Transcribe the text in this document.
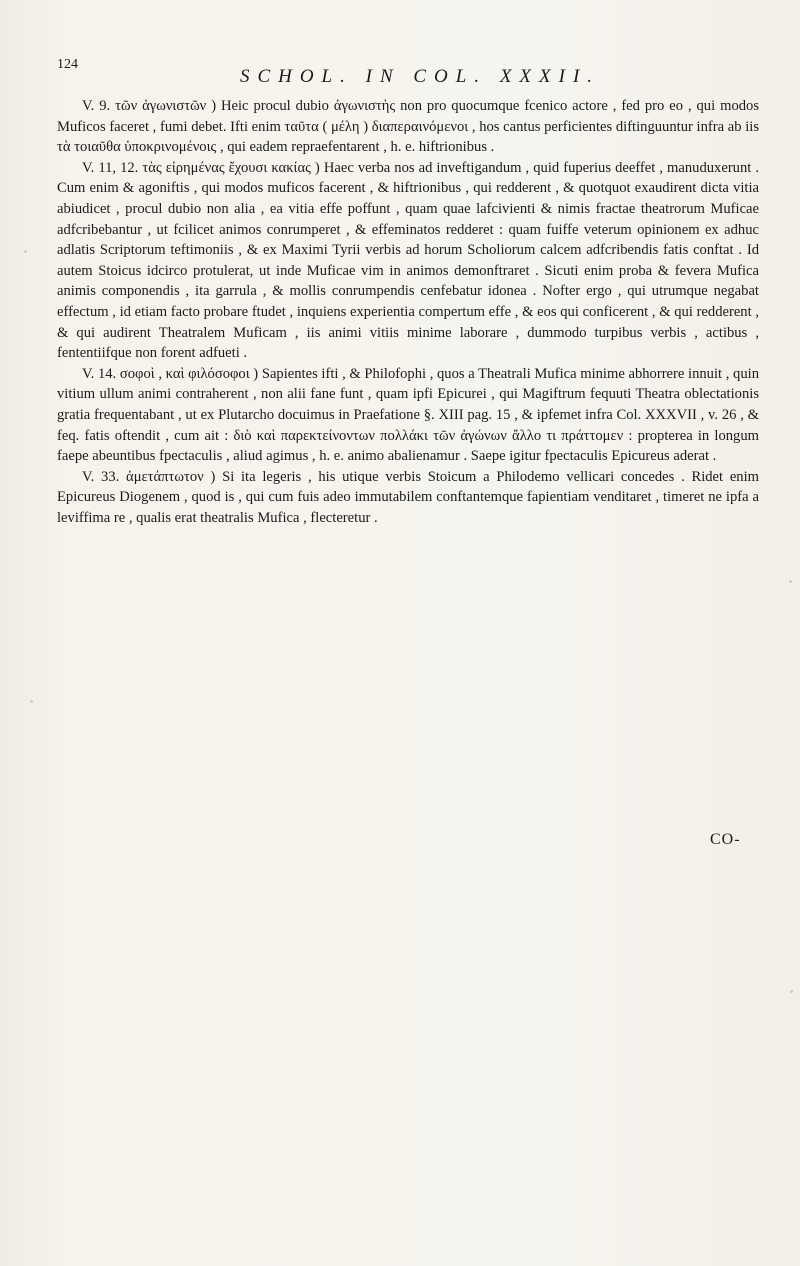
124
SCHOL. IN COL. XXXII.

V. 9. τῶν ἀγωνιστῶν ) Heic procul dubio ἀγωνιστὴς non pro quocumque fcenico actore , fed pro eo , qui modos Muficos faceret , fumi debet. Ifti enim ταῦτα ( μέλη ) διαπεραινόμενοι , hos cantus perficientes diftinguuntur infra ab iis τὰ τοιαῦθα ὑποκρινομένοις , qui eadem repraefentarent , h. e. hiftrionibus .

V. 11, 12. τὰς εἰρημένας ἔχουσι κακίας ) Haec verba nos ad inveftigandum , quid fuperius deeffet , manuduxerunt . Cum enim & agoniftis , qui modos muficos facerent , & hiftrionibus , qui redderent , & quotquot exaudirent dicta vitia abiudicet , procul dubio non alia , ea vitia effe poffunt , quam quae lafcivienti & nimis fractae theatrorum Muficae adfcribebantur , ut fcilicet animos conrumperet , & effeminatos redderet : quam fuiffe veterum opinionem ex adhuc adlatis Scriptorum teftimoniis , & ex Maximi Tyrii verbis ad horum Scholiorum calcem adfcribendis fatis conftat . Id autem Stoicus idcirco protulerat, ut inde Muficae vim in animos demonftraret . Sicuti enim proba & fevera Mufica animis componendis , ita garrula , & mollis conrumpendis cenfebatur idonea . Nofter ergo , qui utrumque negabat effectum , id etiam facto probare ftudet , inquiens experientia compertum effe , & eos qui conficerent , & qui redderent , & qui audirent Theatralem Muficam , iis animi vitiis minime laborare , dummodo turpibus verbis , actibus , fententiifque non forent adfueti .

V. 14. σοφοὶ , καὶ φιλόσοφοι ) Sapientes ifti , & Philofophi , quos a Theatrali Mufica minime abhorrere innuit , quin vitium ullum animi contraherent , non alii fane funt , quam ipfi Epicurei , qui Magiftrum fequuti Theatra oblectationis gratia frequentabant , ut ex Plutarcho docuimus in Praefatione §. XIII pag. 15 , & ipfemet infra Col. XXXVII , v. 26 , & feq. fatis oftendit , cum ait : διὸ καὶ παρεκτείνοντων πολλάκι τῶν ἀγώνων ἄλλο τι πράττομεν : propterea in longum faepe abeuntibus fpectaculis , aliud agimus , h. e. animo abalienamur . Saepe igitur fpectaculis Epicureus aderat .

V. 33. ἀμετάπτωτον ) Si ita legeris , his utique verbis Stoicum a Philodemo vellicari concedes . Ridet enim Epicureus Diogenem , quod is , qui cum fuis adeo immutabilem conftantemque fapientiam venditaret , timeret ne ipfa a leviffima re , qualis erat theatralis Mufica , flecteretur .

CO-
